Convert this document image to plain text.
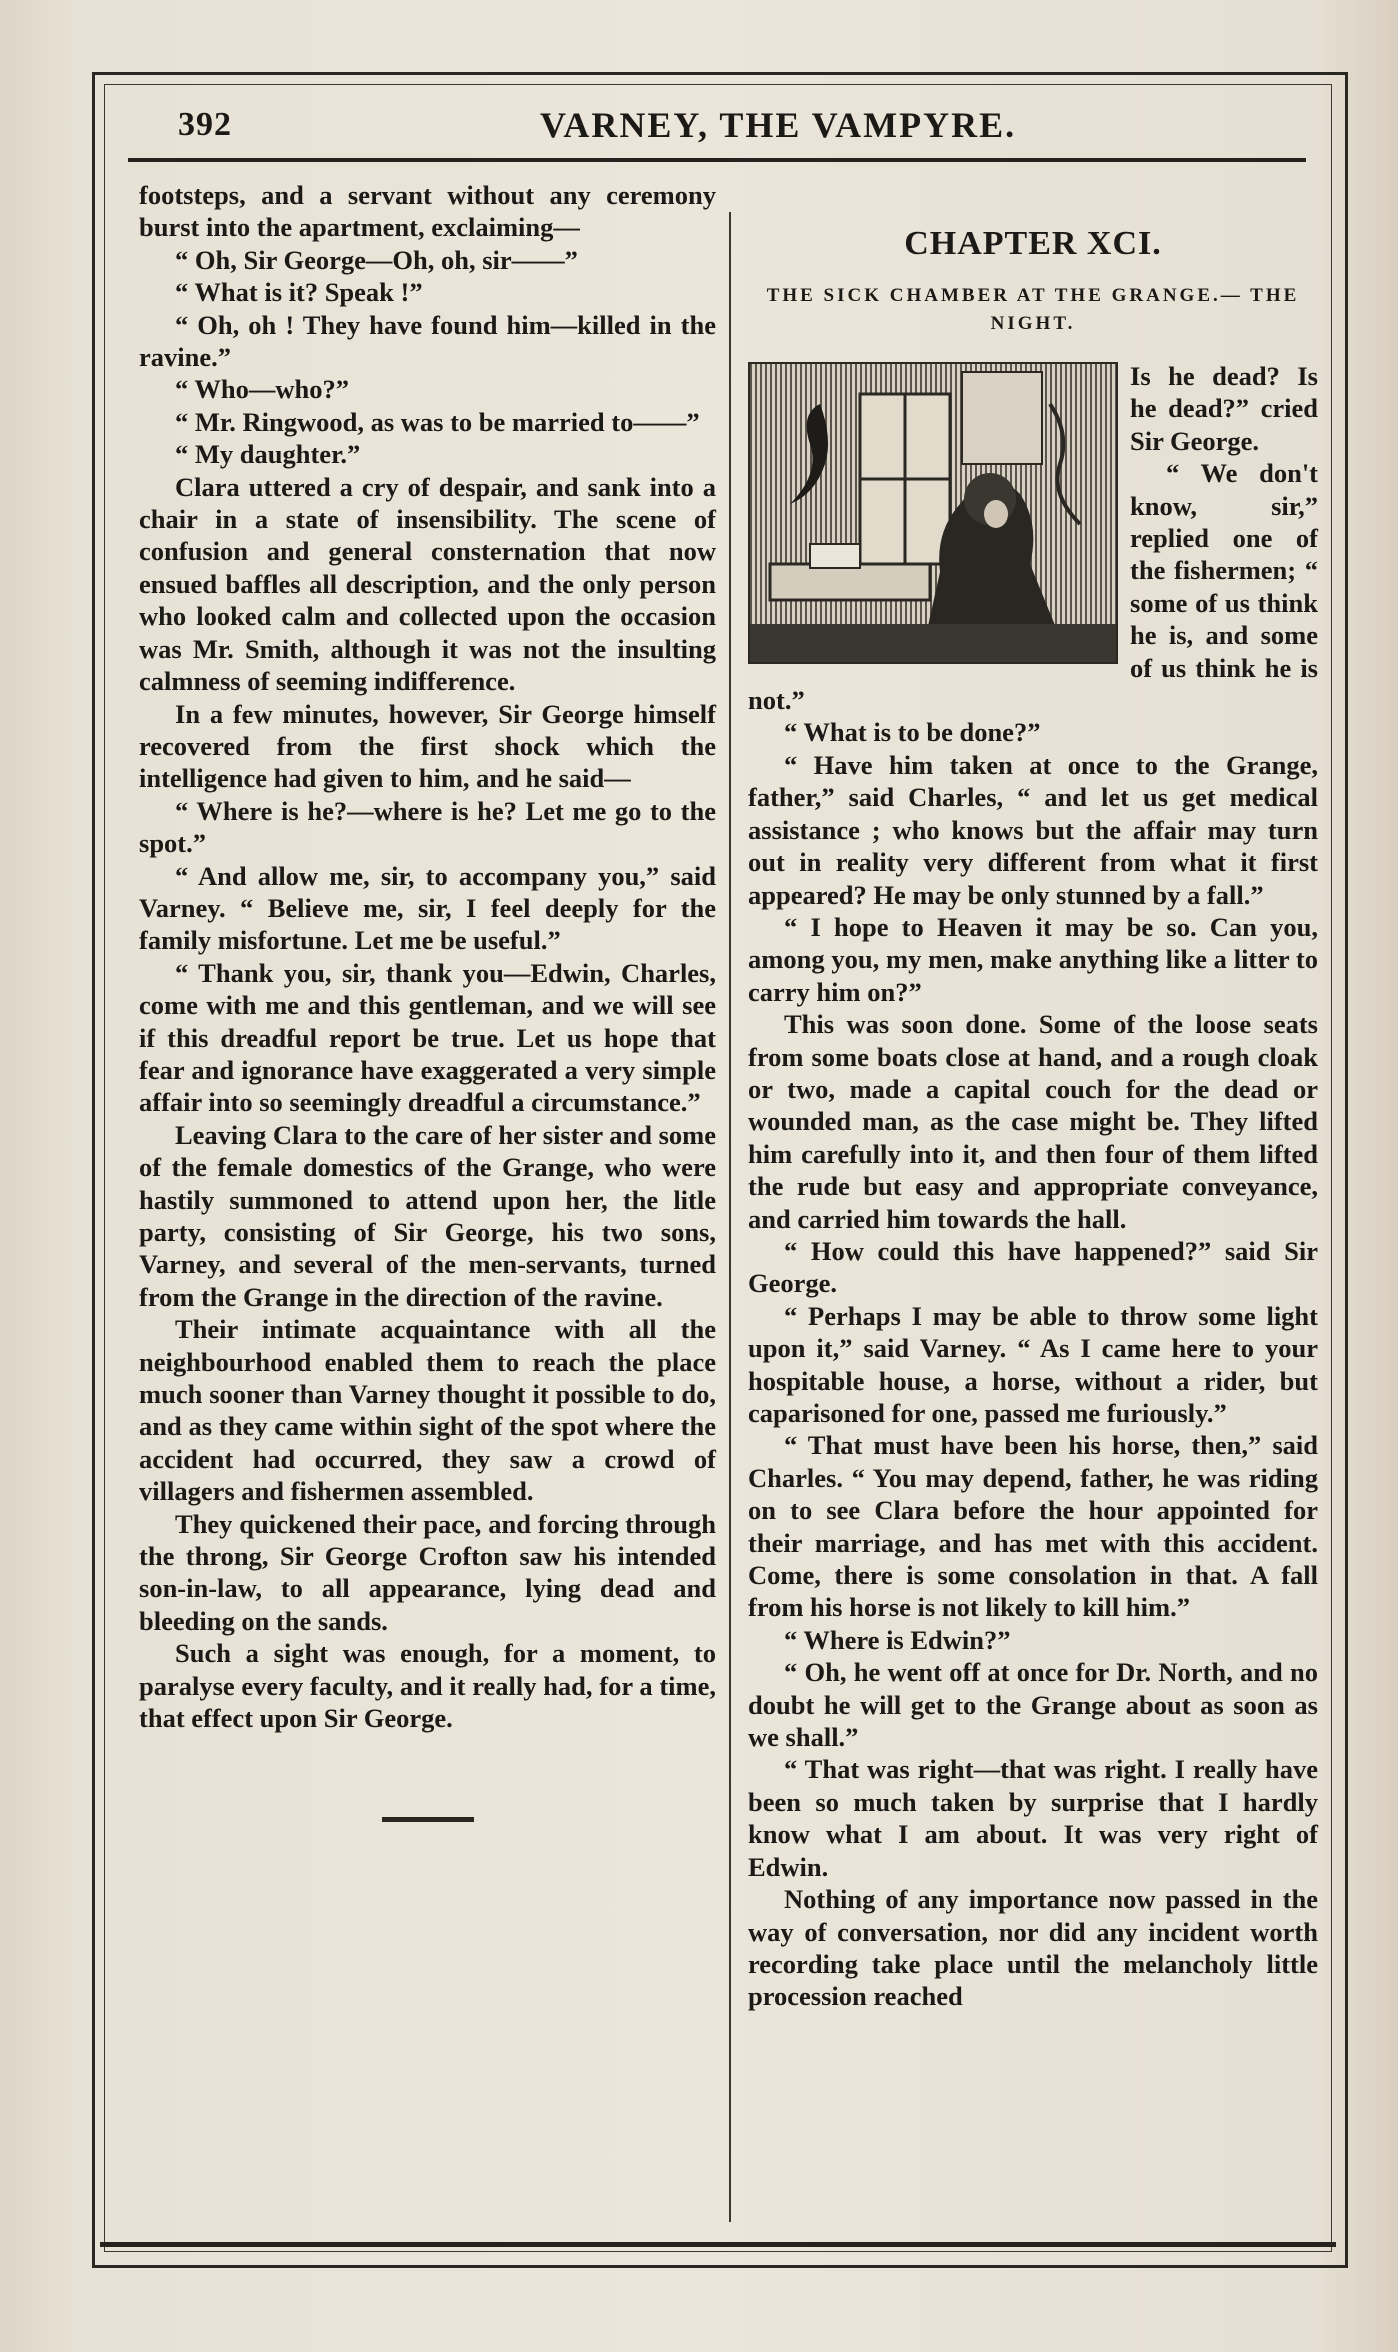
392	VARNEY, THE VAMPYRE.

footsteps, and a servant without any ceremony burst into the apartment, exclaiming—

“ Oh, Sir George—Oh, oh, sir——”

“ What is it? Speak !”

“ Oh, oh ! They have found him—killed in the ravine.”

“ Who—who?”

“ Mr. Ringwood, as was to be married to——”

“ My daughter.”

Clara uttered a cry of despair, and sank into a chair in a state of insensibility. The scene of confusion and general consternation that now ensued baffles all description, and the only person who looked calm and collected upon the occasion was Mr. Smith, although it was not the insulting calmness of seeming indifference.

In a few minutes, however, Sir George himself recovered from the first shock which the intelligence had given to him, and he said—

“ Where is he?—where is he? Let me go to the spot.”

“ And allow me, sir, to accompany you,” said Varney. “ Believe me, sir, I feel deeply for the family misfortune. Let me be useful.”

“ Thank you, sir, thank you—Edwin, Charles, come with me and this gentleman, and we will see if this dreadful report be true. Let us hope that fear and ignorance have exaggerated a very simple affair into so seemingly dreadful a circumstance.”

Leaving Clara to the care of her sister and some of the female domestics of the Grange, who were hastily summoned to attend upon her, the litle party, consisting of Sir George, his two sons, Varney, and several of the men-servants, turned from the Grange in the direction of the ravine.

Their intimate acquaintance with all the neighbourhood enabled them to reach the place much sooner than Varney thought it possible to do, and as they came within sight of the spot where the accident had occurred, they saw a crowd of villagers and fishermen assembled.

They quickened their pace, and forcing through the throng, Sir George Crofton saw his intended son-in-law, to all appearance, lying dead and bleeding on the sands.

Such a sight was enough, for a moment, to paralyse every faculty, and it really had, for a time, that effect upon Sir George.

CHAPTER XCI.
THE SICK CHAMBER AT THE GRANGE.— THE NIGHT.

Is he dead? Is he dead?” cried Sir George.

“ We don't know, sir,” replied one of the fishermen; “ some of us think he is, and some of us think he is not.”

“ What is to be done?”

“ Have him taken at once to the Grange, father,” said Charles, “ and let us get medical assistance ; who knows but the affair may turn out in reality very different from what it first appeared? He may be only stunned by a fall.”

“ I hope to Heaven it may be so. Can you, among you, my men, make anything like a litter to carry him on?”

This was soon done. Some of the loose seats from some boats close at hand, and a rough cloak or two, made a capital couch for the dead or wounded man, as the case might be. They lifted him carefully into it, and then four of them lifted the rude but easy and appropriate conveyance, and carried him towards the hall.

“ How could this have happened?” said Sir George.

“ Perhaps I may be able to throw some light upon it,” said Varney. “ As I came here to your hospitable house, a horse, without a rider, but caparisoned for one, passed me furiously.”

“ That must have been his horse, then,” said Charles. “ You may depend, father, he was riding on to see Clara before the hour appointed for their marriage, and has met with this accident. Come, there is some consolation in that. A fall from his horse is not likely to kill him.”

“ Where is Edwin?”

“ Oh, he went off at once for Dr. North, and no doubt he will get to the Grange about as soon as we shall.”

“ That was right—that was right. I really have been so much taken by surprise that I hardly know what I am about. It was very right of Edwin.

Nothing of any importance now passed in the way of conversation, nor did any incident worth recording take place until the melancholy little procession reached
